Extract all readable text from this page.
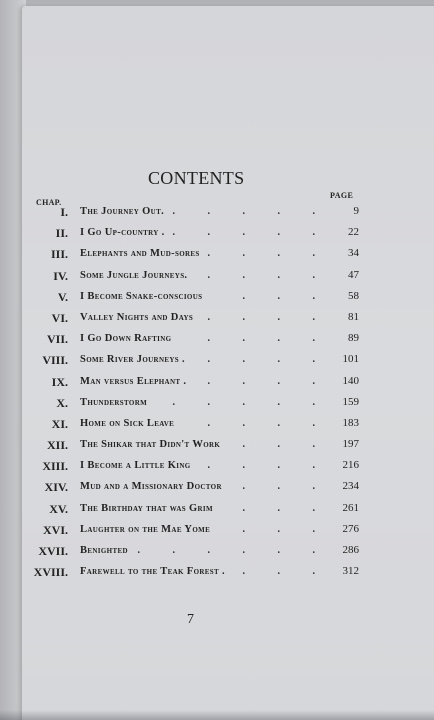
CONTENTS
CHAP.
PAGE
I. The Journey Out. . . . . . 9
II. I Go Up-country . . . . . . 22
III. Elephants and Mud-sores . . . . 34
IV. Some Jungle Journeys. . . . . 47
V. I Become Snake-conscious	. . . 58
VI. Valley Nights and Days . . . . 81
VII. I Go Down Rafting	. . . . 89
VIII. Some River Journeys . . . . . 101
IX. Man versus Elephant . . . . . 140
X. Thunderstorm	. . . . . 159
XI. Home on Sick Leave	. . . . 183
XII. The Shikar that Didn't Work . . . 197
XIII. I Become a Little King . . . . 216
XIV. Mud and a Missionary Doctor . . . 234
XV. The Birthday that was Grim	. . . 261
XVI. Laughter on the Mae Yome	. . . 276
XVII. Benighted . . . . . . 286
XVIII. Farewell to the Teak Forest . . . . 312
7
